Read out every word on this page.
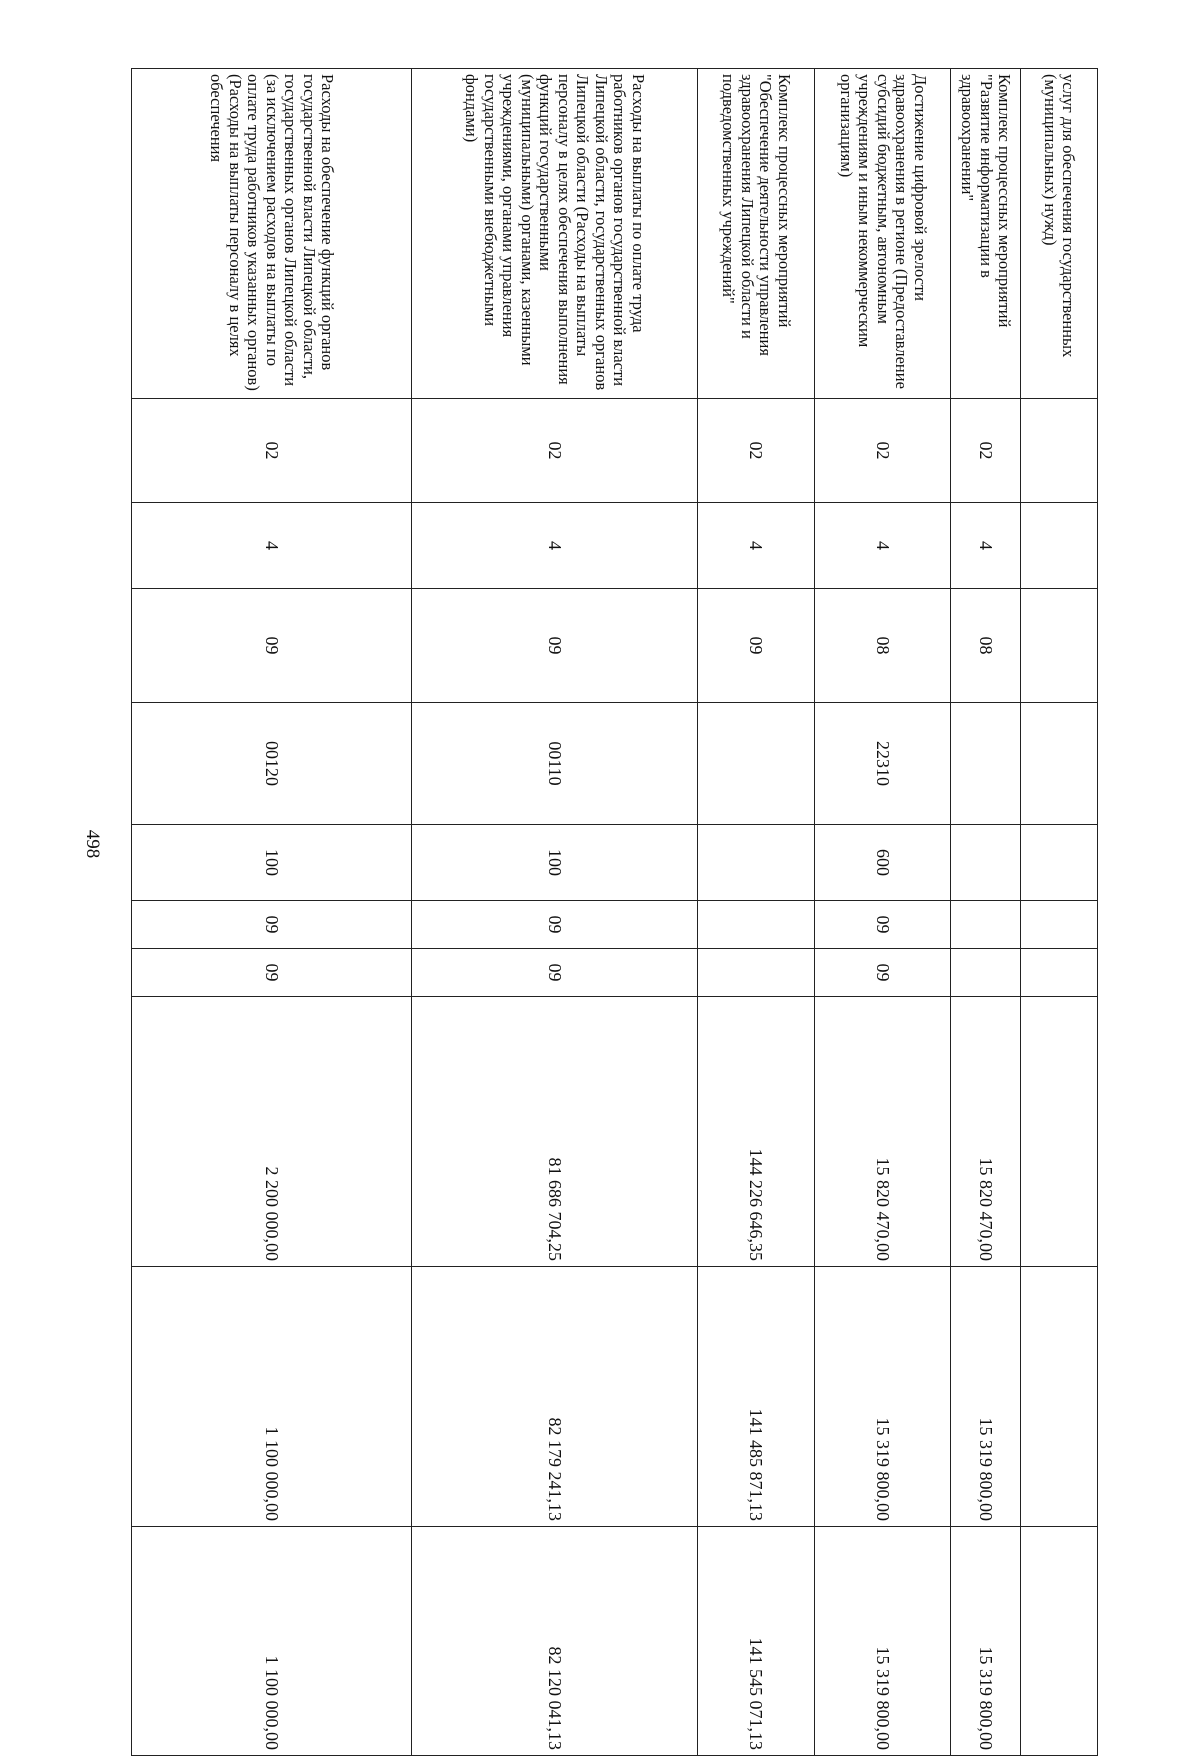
498
услуг для обеспечения государственных (муниципальных) нужд)										
Комплекс процессных мероприятий "Развитие информатизации в здравоохранении"	02	4	08					15 820 470,00	15 319 800,00	15 319 800,00
Достижение цифровой зрелости здравоохранения в регионе (Предоставление субсидий бюджетным, автономным учреждениям и иным некоммерческим организациям)	02	4	08	22310	600	09	09	15 820 470,00	15 319 800,00	15 319 800,00
Комплекс процессных мероприятий "Обеспечение деятельности управления здравоохранения Липецкой области и подведомственных учреждений"	02	4	09					144 226 646,35	141 485 871,13	141 545 071,13
Расходы на выплаты по оплате труда работников органов государственной власти Липецкой области, государственных органов Липецкой области (Расходы на выплаты персоналу в целях обеспечения выполнения функций государственными (муниципальными) органами, казенными учреждениями, органами управления государственными внебюджетными фондами)	02	4	09	00110	100	09	09	81 686 704,25	82 179 241,13	82 120 041,13
Расходы на обеспечение функций органов государственной власти Липецкой области, государственных органов Липецкой области (за исключением расходов на выплаты по оплате труда работников указанных органов) (Расходы на выплаты персоналу в целях обеспечения	02	4	09	00120	100	09	09	2 200 000,00	1 100 000,00	1 100 000,00
